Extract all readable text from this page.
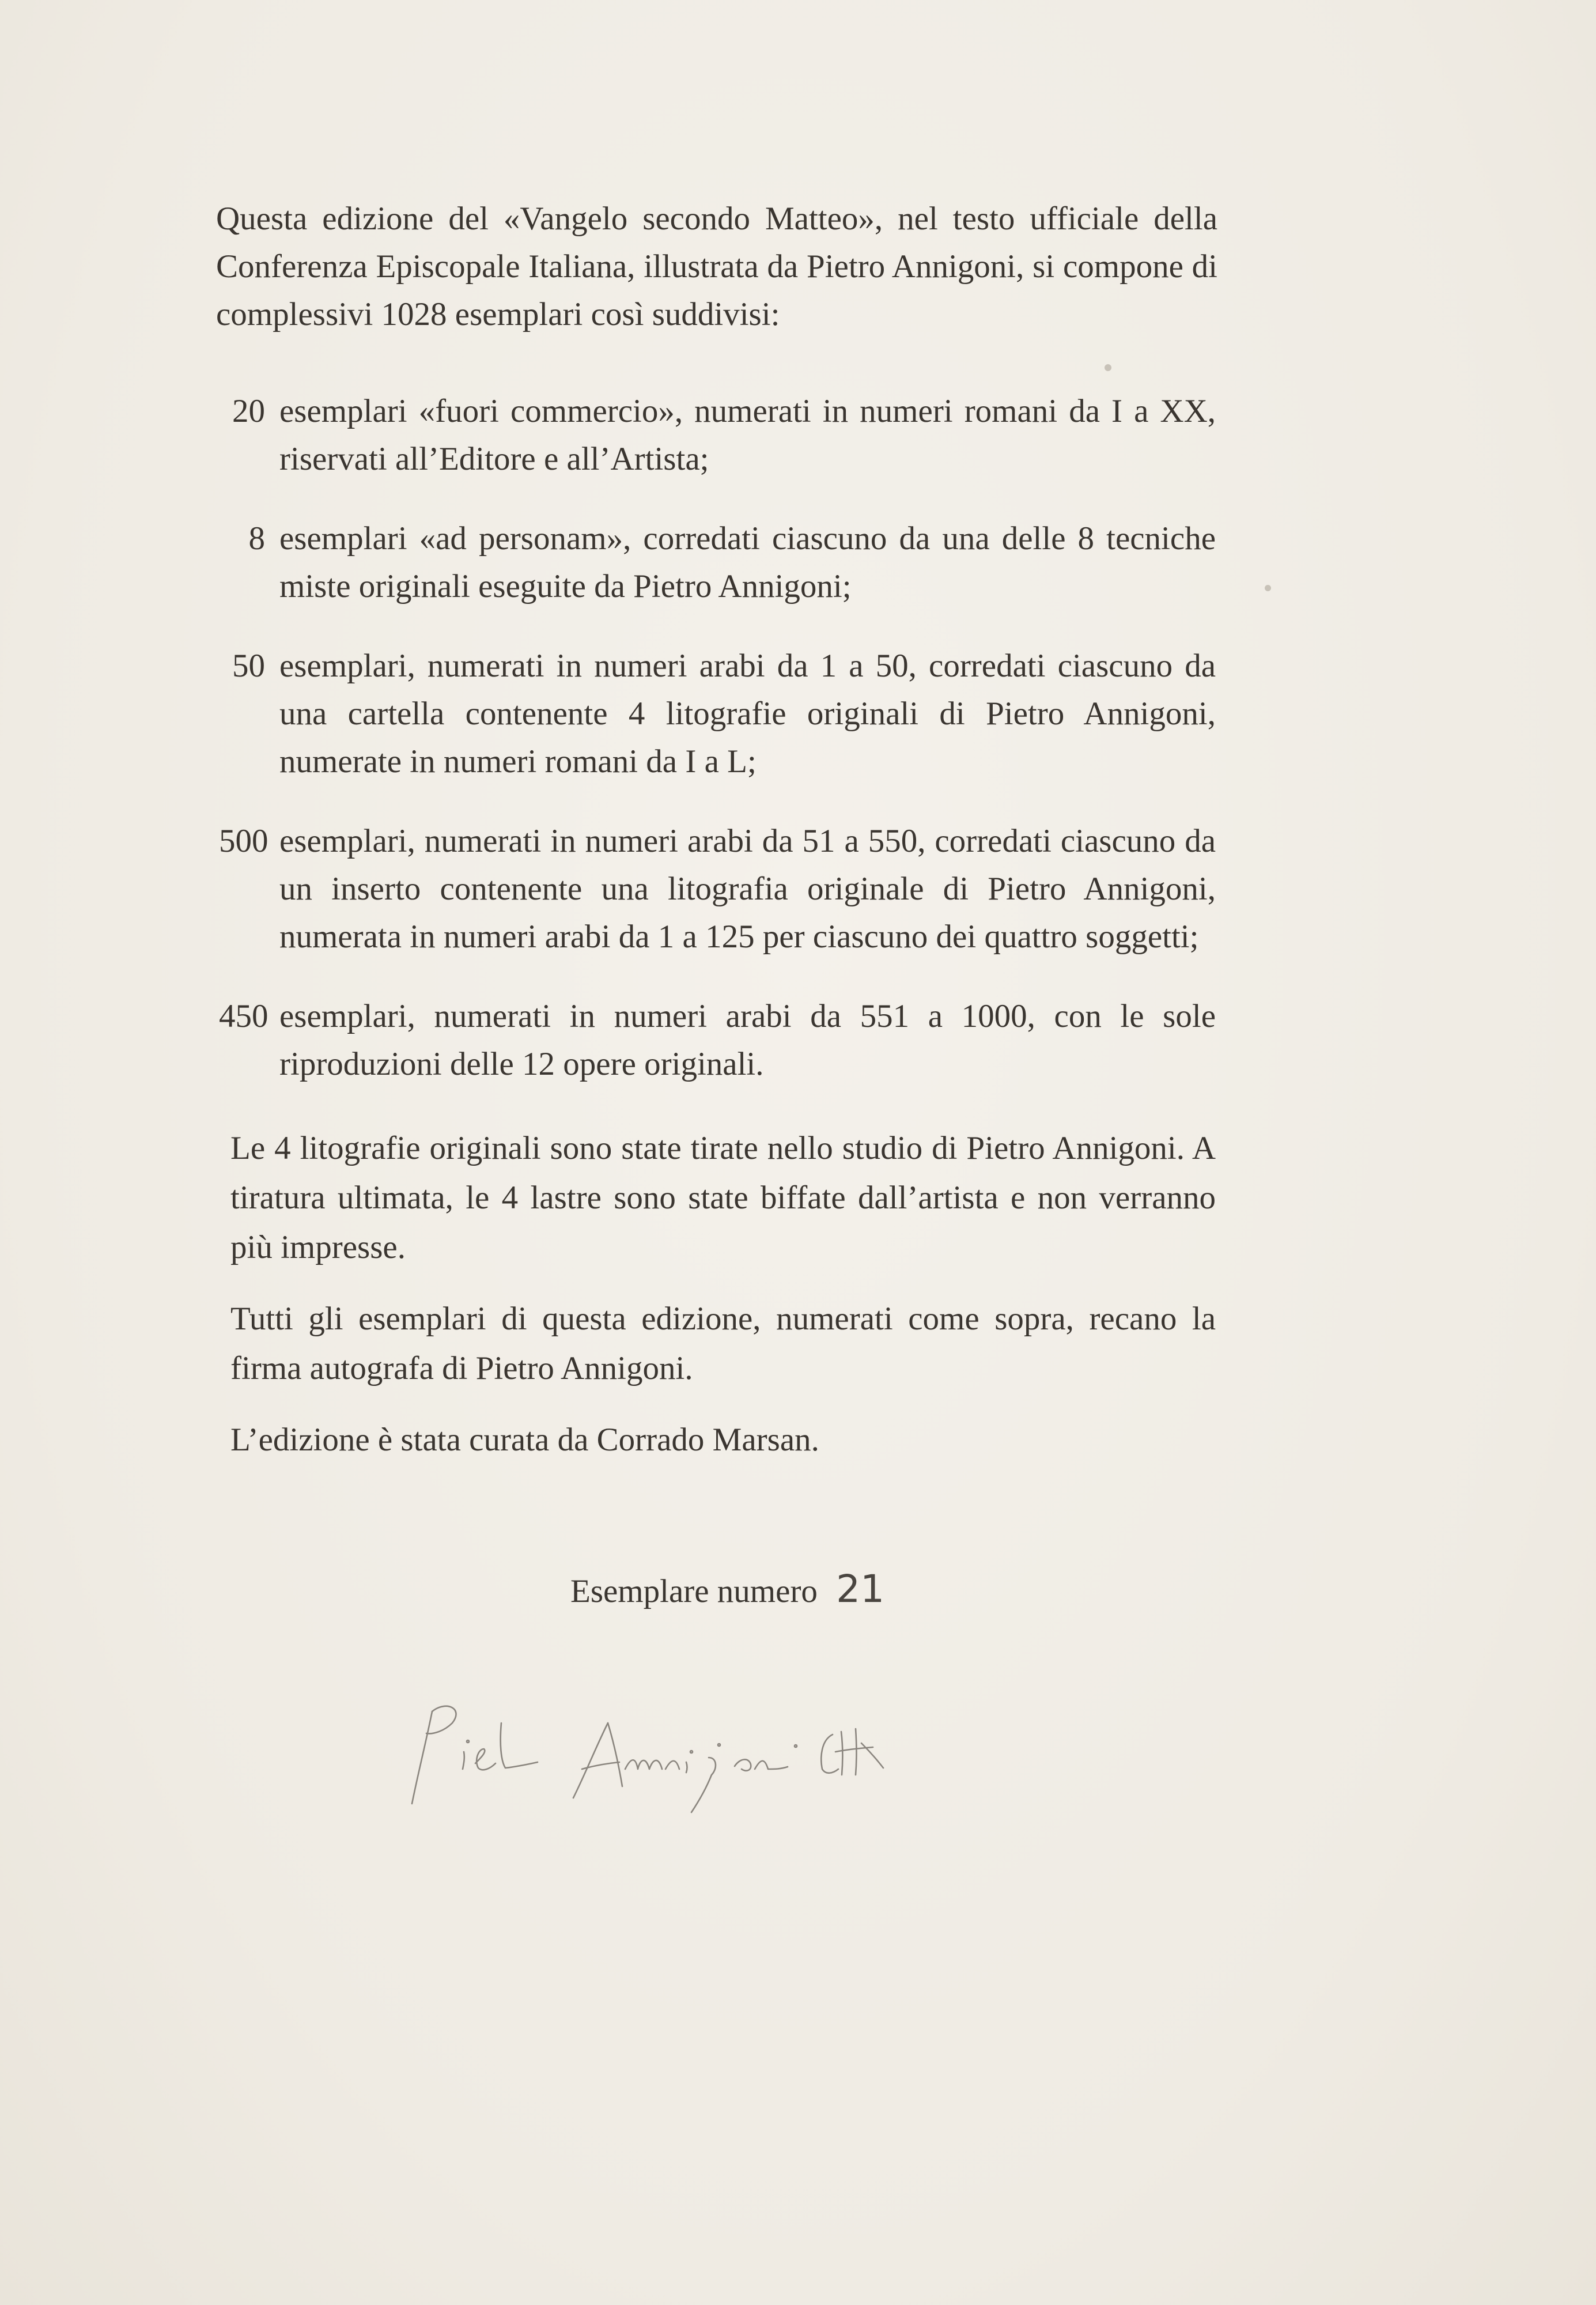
Questa edizione del «Vangelo secondo Matteo», nel testo ufficiale della Conferenza Episcopale Italiana, illustrata da Pietro Annigoni, si compone di complessivi 1028 esemplari così suddivisi:
20 esemplari «fuori commercio», numerati in numeri romani da I a XX, riservati all’Editore e all’Artista;
8 esemplari «ad personam», corredati ciascuno da una delle 8 tecniche miste originali eseguite da Pietro Annigoni;
50 esemplari, numerati in numeri arabi da 1 a 50, corredati ciascuno da una cartella contenente 4 litografie originali di Pietro Annigoni, numerate in numeri romani da I a L;
500 esemplari, numerati in numeri arabi da 51 a 550, corredati ciascuno da un inserto contenente una litografia originale di Pietro Annigoni, numerata in numeri arabi da 1 a 125 per ciascuno dei quattro soggetti;
450 esemplari, numerati in numeri arabi da 551 a 1000, con le sole riproduzioni delle 12 opere originali.

Le 4 litografie originali sono state tirate nello studio di Pietro Annigoni. A tiratura ultimata, le 4 lastre sono state biffate dall’artista e non verranno più impresse.

Tutti gli esemplari di questa edizione, numerati come sopra, recano la firma autografa di Pietro Annigoni.

L’edizione è stata curata da Corrado Marsan.

Esemplare numero 21
